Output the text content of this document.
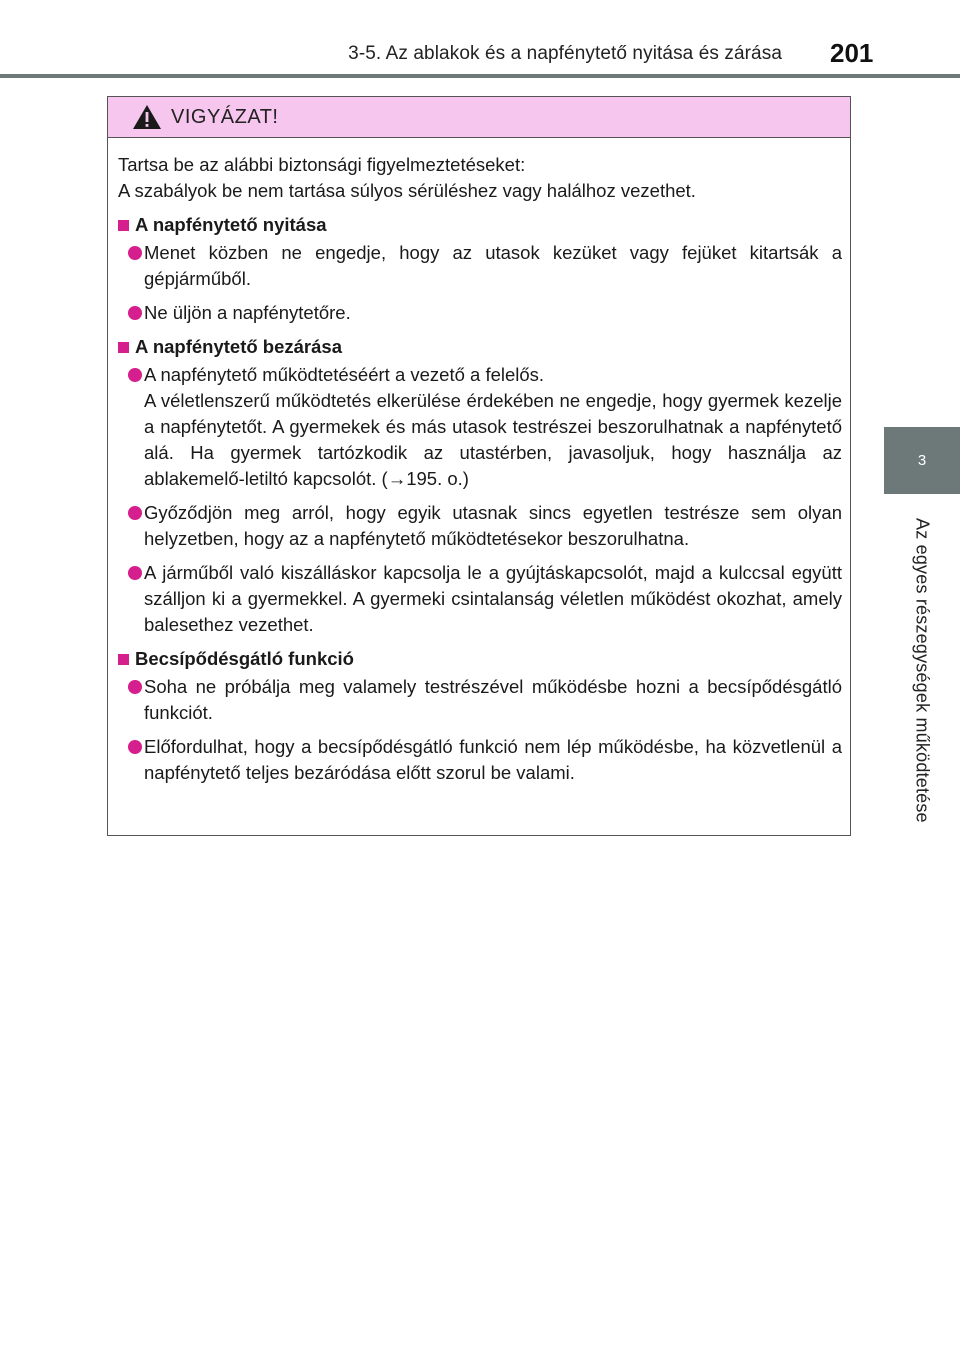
3-5. Az ablakok és a napfénytető nyitása és zárása 201
3
Az egyes részegységek működtetése
VIGYÁZAT!
Tartsa be az alábbi biztonsági figyelmeztetéseket:
A szabályok be nem tartása súlyos sérüléshez vagy halálhoz vezethet.
A napfénytető nyitása

Menet közben ne engedje, hogy az utasok kezüket vagy fejüket kitartsák a gépjárműből.

Ne üljön a napfénytetőre.

A napfénytető bezárása

A napfénytető működtetéséért a vezető a felelős.

A véletlenszerű működtetés elkerülése érdekében ne engedje, hogy gyermek kezelje a napfénytetőt. A gyermekek és más utasok testrészei beszorulhatnak a napfénytető alá. Ha gyermek tartózkodik az utastérben, javasoljuk, hogy használja az ablakemelő-letiltó kapcsolót. (→195. o.)

Győződjön meg arról, hogy egyik utasnak sincs egyetlen testrésze sem olyan helyzetben, hogy az a napfénytető működtetésekor beszorulhatna.

A járműből való kiszálláskor kapcsolja le a gyújtáskapcsolót, majd a kulccsal együtt szálljon ki a gyermekkel. A gyermeki csintalanság véletlen működést okozhat, amely balesethez vezethet.

Becsípődésgátló funkció

Soha ne próbálja meg valamely testrészével működésbe hozni a becsípődésgátló funkciót.

Előfordulhat, hogy a becsípődésgátló funkció nem lép működésbe, ha közvetlenül a napfénytető teljes bezáródása előtt szorul be valami.
